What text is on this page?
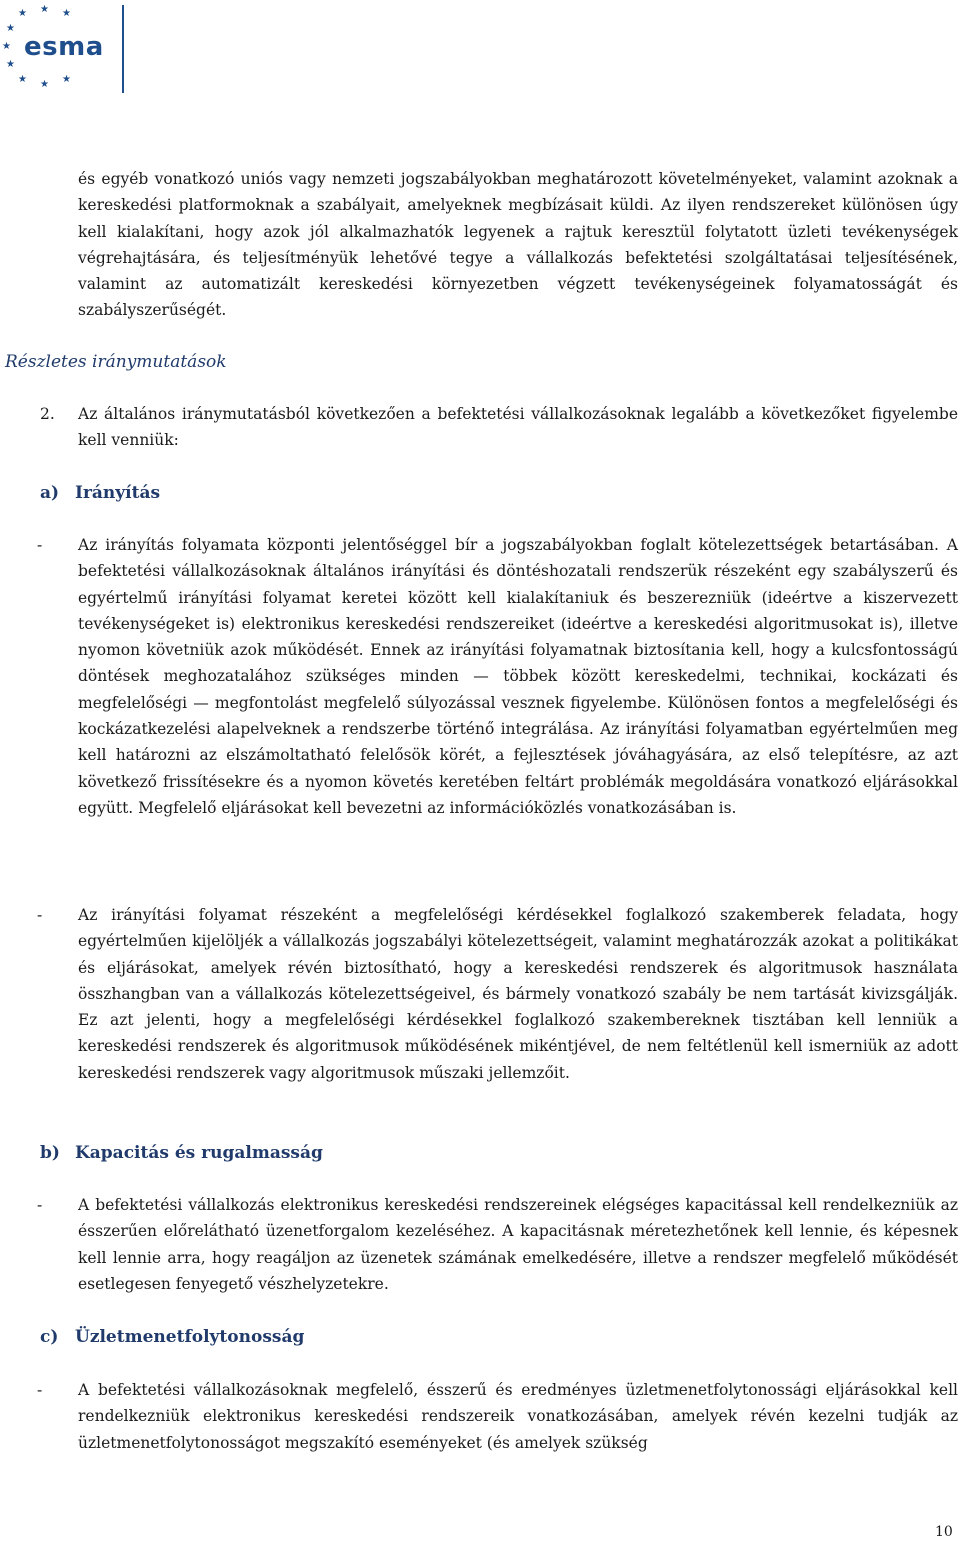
★
★	★
★
★
★
★ ★ ★
esma

és egyéb vonatkozó uniós vagy nemzeti jogszabályokban meghatározott követelményeket, valamint azoknak a kereskedési platformoknak a szabályait, amelyeknek megbízásait küldi. Az ilyen rendszereket különösen úgy kell kialakítani, hogy azok jól alkalmazhatók legyenek a rajtuk keresztül folytatott üzleti tevékenységek végrehajtására, és teljesítményük lehetővé tegye a vállalkozás befektetési szolgáltatásai teljesítésének, valamint az automatizált kereskedési környezetben végzett tevékenységeinek folyamatosságát és szabályszerűségét.

Részletes iránymutatások
2. Az általános iránymutatásból következően a befektetési vállalkozásoknak legalább a következőket figyelembe kell venniük:

a) Irányítás
- Az irányítás folyamata központi jelentőséggel bír a jogszabályokban foglalt kötelezettségek betartásában. A befektetési vállalkozásoknak általános irányítási és döntéshozatali rendszerük részeként egy szabályszerű és egyértelmű irányítási folyamat keretei között kell kialakítaniuk és beszerezniük (ideértve a kiszervezett tevékenységeket is) elektronikus kereskedési rendszereiket (ideértve a kereskedési algoritmusokat is), illetve nyomon követniük azok működését. Ennek az irányítási folyamatnak biztosítania kell, hogy a kulcsfontosságú döntések meghozatalához szükséges minden — többek között kereskedelmi, technikai, kockázati és megfelelőségi — megfontolást megfelelő súlyozással vesznek figyelembe. Különösen fontos a megfelelőségi és kockázatkezelési alapelveknek a rendszerbe történő integrálása. Az irányítási folyamatban egyértelműen meg kell határozni az elszámoltatható felelősök körét, a fejlesztések jóváhagyására, az első telepítésre, az azt következő frissítésekre és a nyomon követés keretében feltárt problémák megoldására vonatkozó eljárásokkal együtt. Megfelelő eljárásokat kell bevezetni az információközlés vonatkozásában is.

- Az irányítási folyamat részeként a megfelelőségi kérdésekkel foglalkozó szakemberek feladata, hogy egyértelműen kijelöljék a vállalkozás jogszabályi kötelezettségeit, valamint meghatározzák azokat a politikákat és eljárásokat, amelyek révén biztosítható, hogy a kereskedési rendszerek és algoritmusok használata összhangban van a vállalkozás kötelezettségeivel, és bármely vonatkozó szabály be nem tartását kivizsgálják. Ez azt jelenti, hogy a megfelelőségi kérdésekkel foglalkozó szakembereknek tisztában kell lenniük a kereskedési rendszerek és algoritmusok működésének mikéntjével, de nem feltétlenül kell ismerniük az adott kereskedési rendszerek vagy algoritmusok műszaki jellemzőit.

b) Kapacitás és rugalmasság
- A befektetési vállalkozás elektronikus kereskedési rendszereinek elégséges kapacitással kell rendelkezniük az ésszerűen előrelátható üzenetforgalom kezeléséhez. A kapacitásnak méretezhetőnek kell lennie, és képesnek kell lennie arra, hogy reagáljon az üzenetek számának emelkedésére, illetve a rendszer megfelelő működését esetlegesen fenyegető vészhelyzetekre.

c) Üzletmenetfolytonosság
- A befektetési vállalkozásoknak megfelelő, ésszerű és eredményes üzletmenetfolytonossági eljárásokkal kell rendelkezniük elektronikus kereskedési rendszereik vonatkozásában, amelyek révén kezelni tudják az üzletmenetfolytonosságot megszakító eseményeket (és amelyek szükség

10
